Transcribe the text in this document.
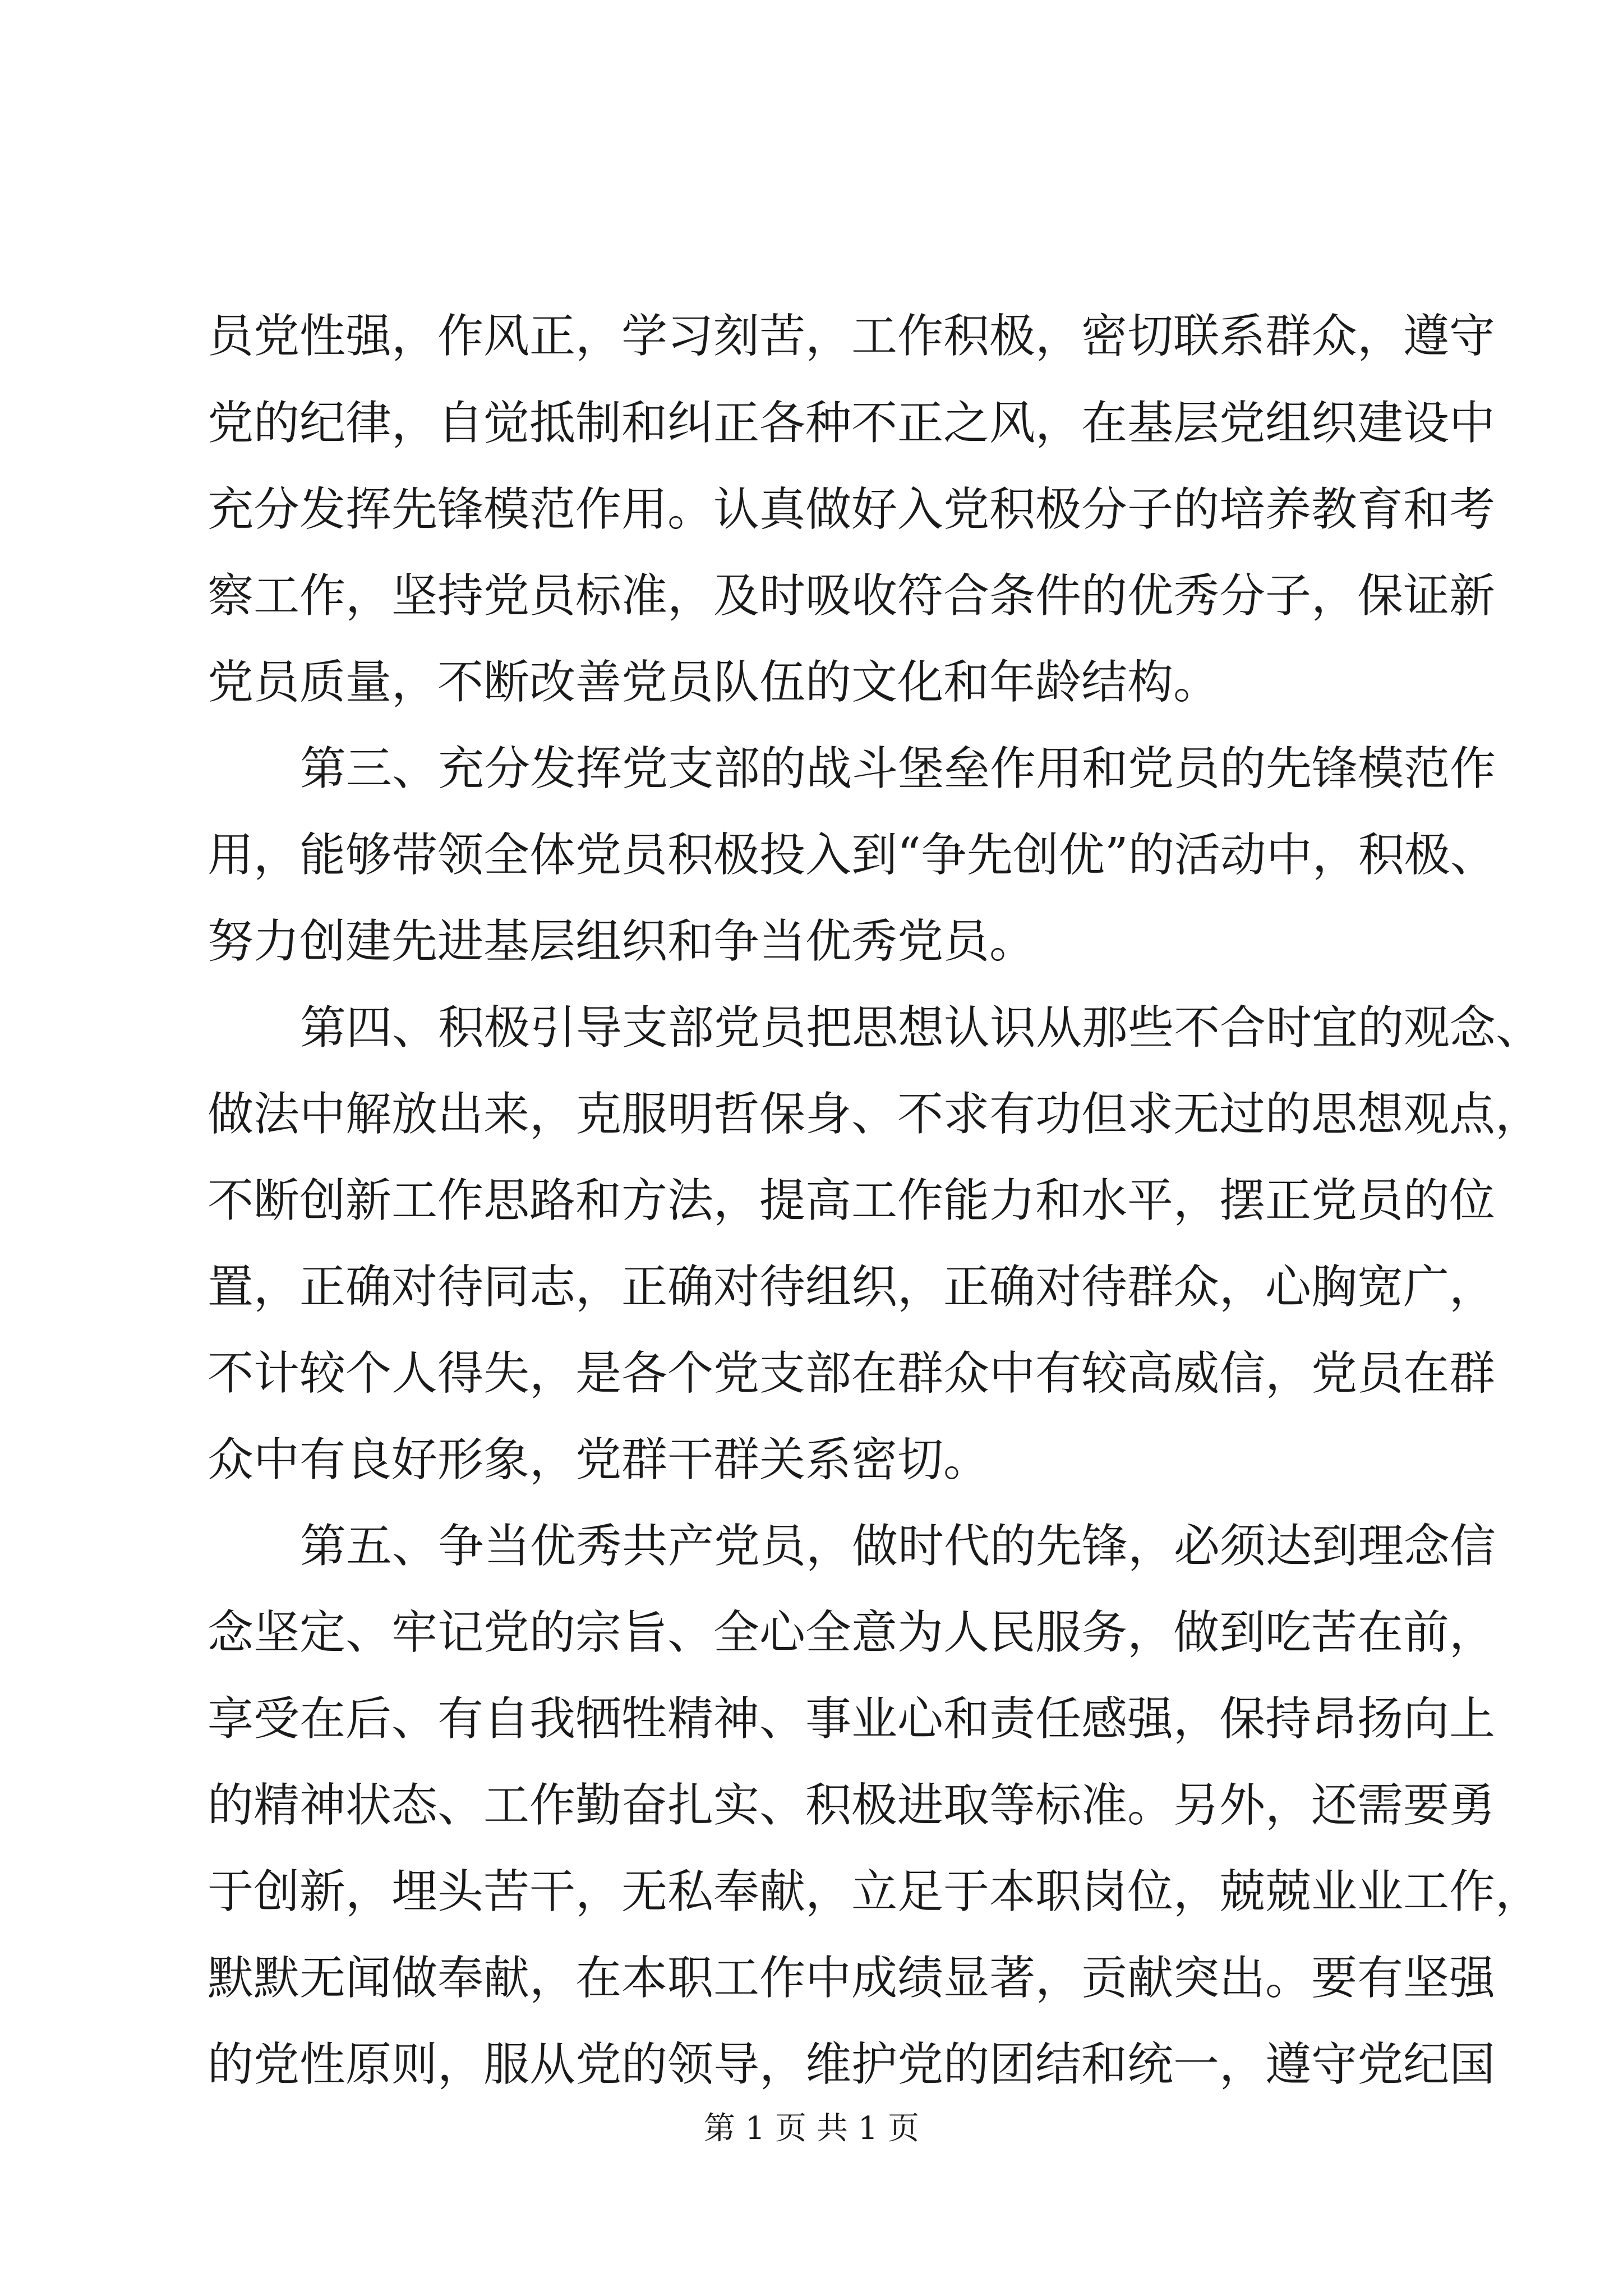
员党性强，作风正，学习刻苦，工作积极，密切联系群众，遵守
党的纪律，自觉抵制和纠正各种不正之风，在基层党组织建设中
充分发挥先锋模范作用。认真做好入党积极分子的培养教育和考
察工作，坚持党员标准，及时吸收符合条件的优秀分子，保证新
党员质量，不断改善党员队伍的文化和年龄结构。
第三、充分发挥党支部的战斗堡垒作用和党员的先锋模范作
用，能够带领全体党员积极投入到“争先创优”的活动中，积极、
努力创建先进基层组织和争当优秀党员。
第四、积极引导支部党员把思想认识从那些不合时宜的观念、
做法中解放出来，克服明哲保身、不求有功但求无过的思想观点，
不断创新工作思路和方法，提高工作能力和水平，摆正党员的位
置，正确对待同志，正确对待组织，正确对待群众，心胸宽广，
不计较个人得失，是各个党支部在群众中有较高威信，党员在群
众中有良好形象，党群干群关系密切。
第五、争当优秀共产党员，做时代的先锋，必须达到理念信
念坚定、牢记党的宗旨、全心全意为人民服务，做到吃苦在前，
享受在后、有自我牺牲精神、事业心和责任感强，保持昂扬向上
的精神状态、工作勤奋扎实、积极进取等标准。另外，还需要勇
于创新，埋头苦干，无私奉献，立足于本职岗位，兢兢业业工作，
默默无闻做奉献，在本职工作中成绩显著，贡献突出。要有坚强
的党性原则，服从党的领导，维护党的团结和统一，遵守党纪国
第 1 页 共 1 页
